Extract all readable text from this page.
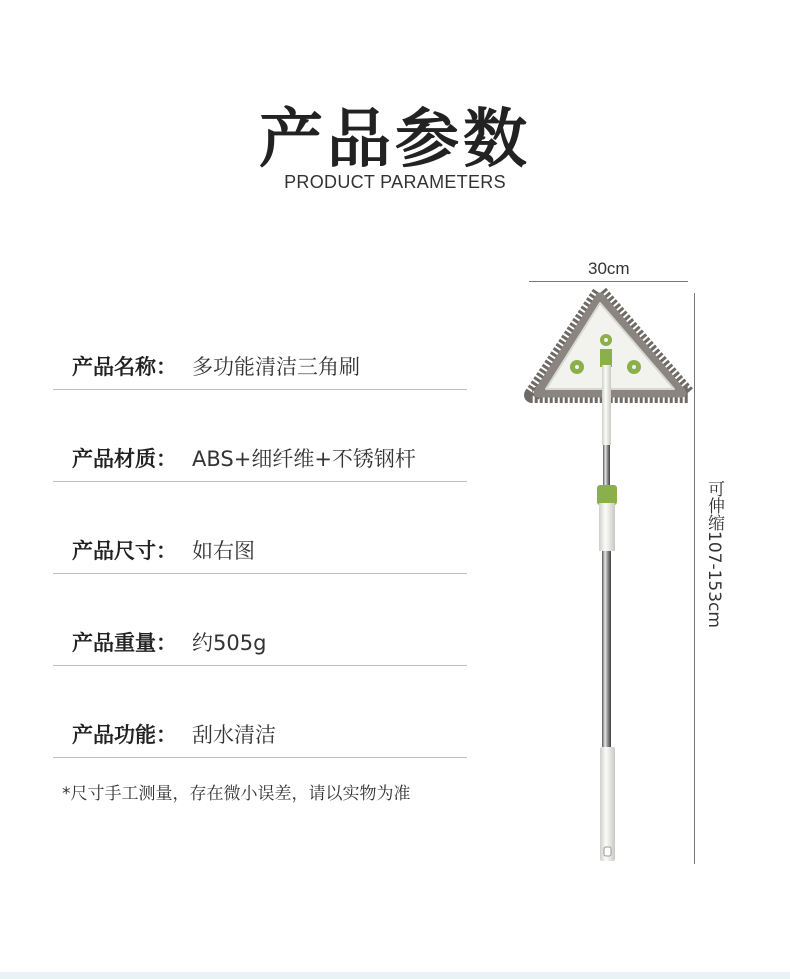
产品参数
PRODUCT PARAMETERS
产品名称： 多功能清洁三角刷
产品材质： ABS+细纤维+不锈钢杆
产品尺寸： 如右图
产品重量： 约505g
产品功能： 刮水清洁
*尺寸手工测量，存在微小误差，请以实物为准
30cm
可伸缩107-153cm
